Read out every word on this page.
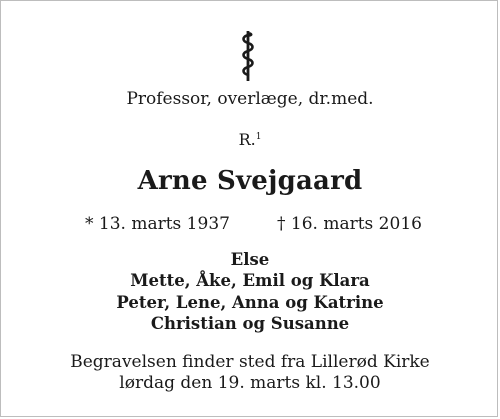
Professor, overlæge, dr.med.
R.$^1$
Arne Svejgaard
* 13. marts 1937	† 16. marts 2016
Else
Mette, Åke, Emil og Klara
Peter, Lene, Anna og Katrine
Christian og Susanne
Begravelsen finder sted fra Lillerød Kirke
lørdag den 19. marts kl. 13.00
